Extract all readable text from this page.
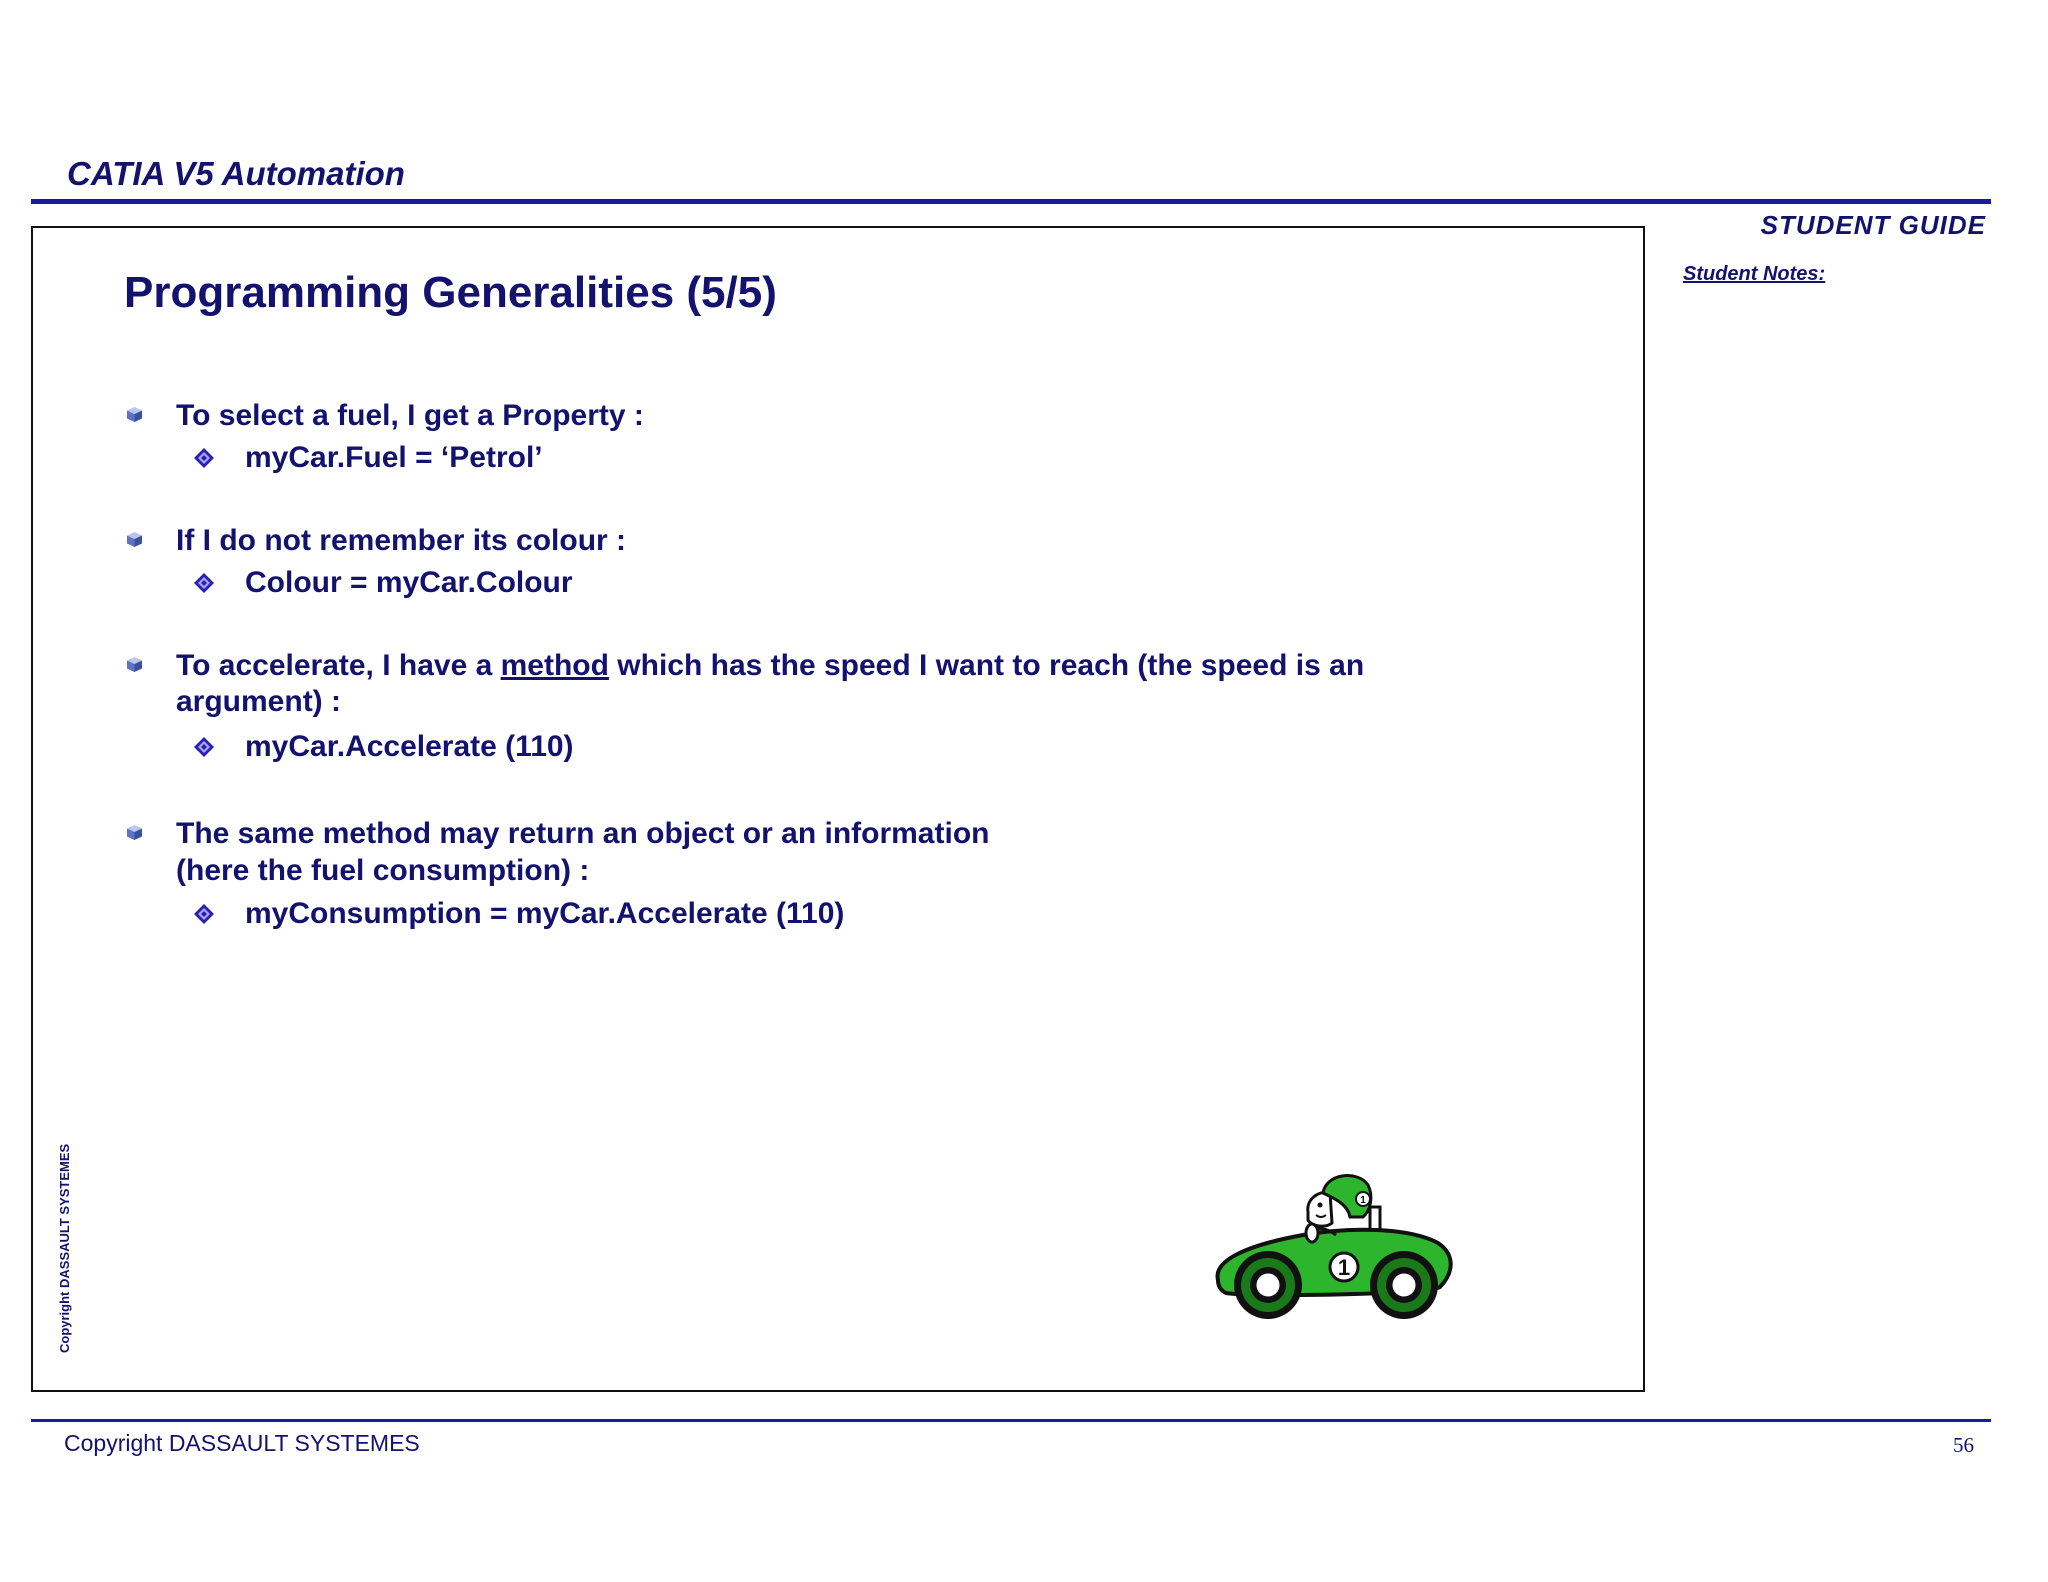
CATIA V5 Automation
STUDENT GUIDE
Student Notes:
Copyright DASSAULT SYSTEMES
Programming Generalities (5/5)
To select a fuel, I get a Property :
myCar.Fuel = ‘Petrol’
If I do not remember its colour :
Colour = myCar.Colour
To accelerate, I have a method which has the speed I want to reach (the speed is an
argument) :
myCar.Accelerate (110)
The same method may return an object or an information
(here the fuel consumption) :
myConsumption = myCar.Accelerate (110)
1
1
Copyright DASSAULT SYSTEMES	56
